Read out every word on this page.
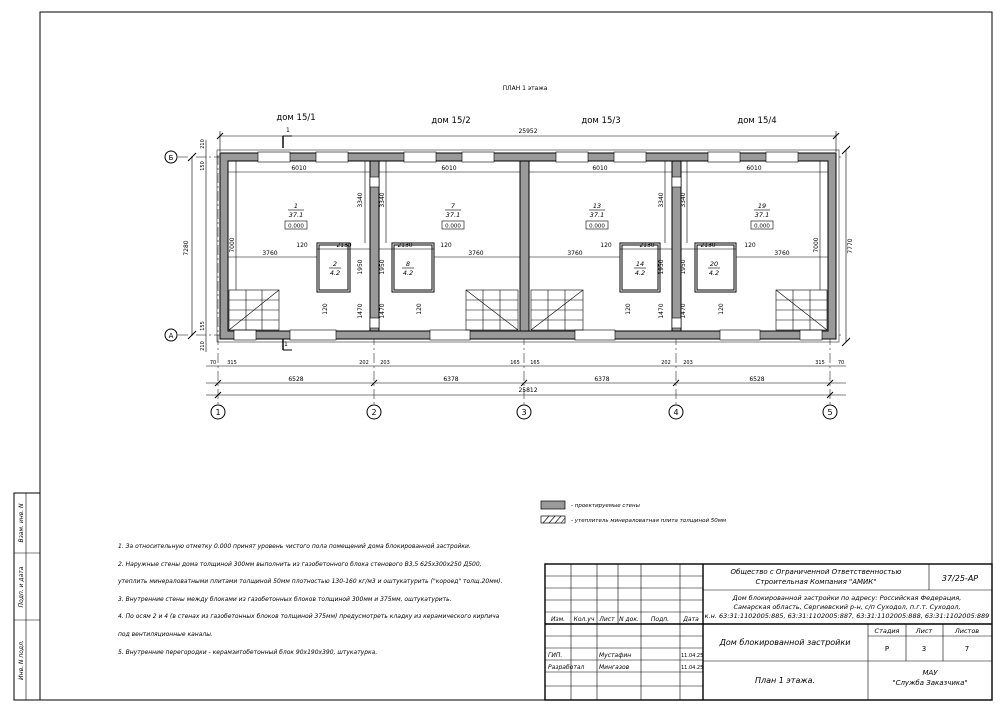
ПЛАН 1 этажа
дом 15/1	дом 15/2	дом 15/3	дом 15/4
1
1
25952
6010	6010	6010	6010
3760	3760	3760	3760
2130	2130	2130	2130
120	120	120	120
7000	7000
3340	3340	3340	3340
1950	1950	1950	1950
1470	1470	1470	1470
120	120	120	120
1
37.1
0.000
7
37.1
0.000
13
37.1
0.000
19
37.1
0.000
2
4.2
8
4.2
14
4.2
20
4.2
7280
210
150
155
210
7770
Б
А
70 315	202 203	165 165	202 203	315	70
6528	6378	6378	6528
25812
1	2	3	4	5
- проектируемые стены
- утеплитель минераловатная плита толщиной 50мм
Взам. инв. N
Подп. и дата
Инв. N подл.
Общество с Ограниченной Ответственностью
Строительная Компания "АМИК"	37/25-АР
Дом блокированной застройки по адресу: Российская Федерация,
Самарская область, Сергиевский р-н, с/п Суходол, п.г.т. Суходол,
к.н. 63:31:1102005:885, 63:31:1102005:887, 63:31:1102005:888, 63:31:1102005:889
Изм. Кол.уч Лист N док. Подп. Дата
Дом блокированной застройки
Стадия	Лист	Листов
Р	3	7
План 1 этажа.
МАУ
"Служба Заказчика"
ГИП.	Мустафин	11.04.25
Разработал Мингазов	11.04.25

1. За относительную отметку 0.000 принят уровень чистого пола помещений дома блокированной застройки.

2. Наружные стены дома толщиной 300мм выполнить из газобетонного блока стенового В3,5 625х300х250 Д500,

утеплить минераловатными плитами толщиной 50мм плотностью 130-160 кг/м3 и оштукатурить ("короед" толщ.20мм).

3. Внутренние стены между блоками из газобетонных блоков толщиной 300мм и 375мм, оштукатурить.

4. По осям 2 и 4 (в стенах из газобетонных блоков толщиной 375мм) предусмотреть кладку из керамического кирпича

под вентиляционные каналы.

5. Внутренние перегородки - керамзитобетонный блок 90х190х390, штукатурка.
